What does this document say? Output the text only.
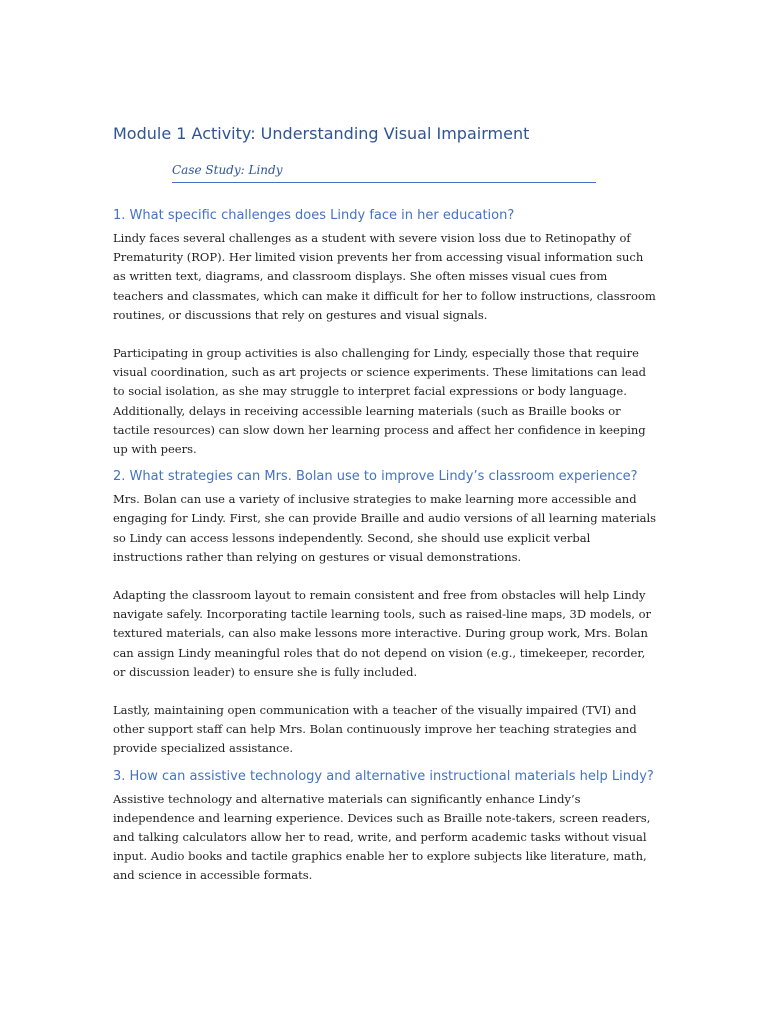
Module 1 Activity: Understanding Visual Impairment
Case Study: Lindy
1. What specific challenges does Lindy face in her education?

Lindy faces several challenges as a student with severe vision loss due to Retinopathy of Prematurity (ROP). Her limited vision prevents her from accessing visual information such as written text, diagrams, and classroom displays. She often misses visual cues from teachers and classmates, which can make it difficult for her to follow instructions, classroom routines, or discussions that rely on gestures and visual signals.

Participating in group activities is also challenging for Lindy, especially those that require visual coordination, such as art projects or science experiments. These limitations can lead to social isolation, as she may struggle to interpret facial expressions or body language. Additionally, delays in receiving accessible learning materials (such as Braille books or tactile resources) can slow down her learning process and affect her confidence in keeping up with peers.

2. What strategies can Mrs. Bolan use to improve Lindy’s classroom experience?

Mrs. Bolan can use a variety of inclusive strategies to make learning more accessible and engaging for Lindy. First, she can provide Braille and audio versions of all learning materials so Lindy can access lessons independently. Second, she should use explicit verbal instructions rather than relying on gestures or visual demonstrations.

Adapting the classroom layout to remain consistent and free from obstacles will help Lindy navigate safely. Incorporating tactile learning tools, such as raised-line maps, 3D models, or textured materials, can also make lessons more interactive. During group work, Mrs. Bolan can assign Lindy meaningful roles that do not depend on vision (e.g., timekeeper, recorder, or discussion leader) to ensure she is fully included.

Lastly, maintaining open communication with a teacher of the visually impaired (TVI) and other support staff can help Mrs. Bolan continuously improve her teaching strategies and provide specialized assistance.

3. How can assistive technology and alternative instructional materials help Lindy?

Assistive technology and alternative materials can significantly enhance Lindy’s independence and learning experience. Devices such as Braille note-takers, screen readers, and talking calculators allow her to read, write, and perform academic tasks without visual input. Audio books and tactile graphics enable her to explore subjects like literature, math, and science in accessible formats.
